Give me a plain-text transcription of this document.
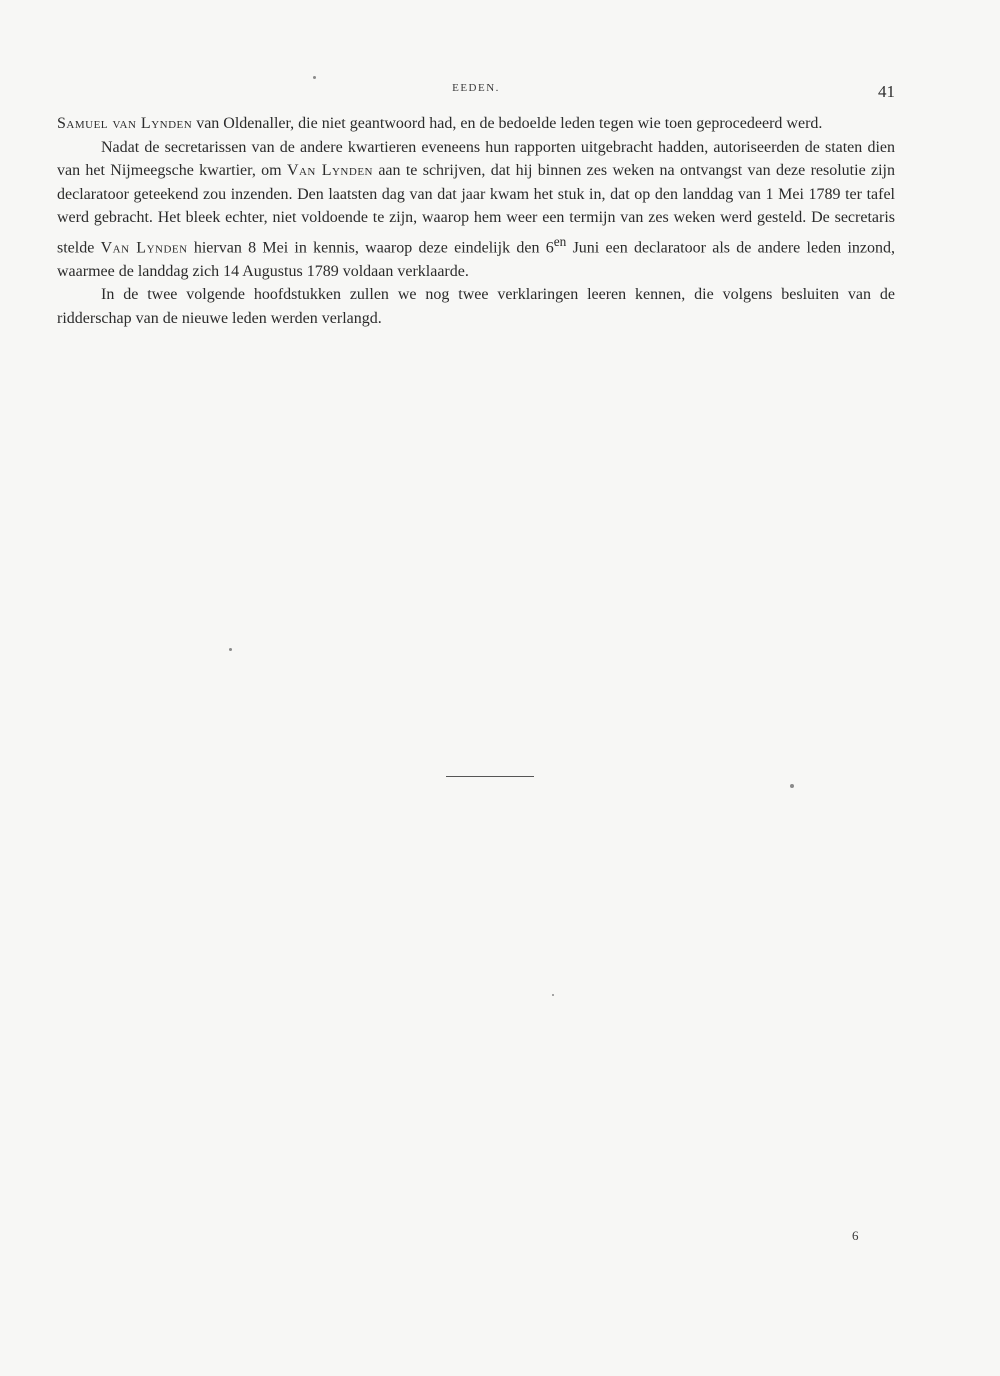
EEDEN.	41

Samuel van Lynden van Oldenaller, die niet geantwoord had, en de bedoelde leden tegen wie toen geprocedeerd werd.

Nadat de secretarissen van de andere kwartieren eveneens hun rapporten uitgebracht hadden, autoriseerden de staten dien van het Nijmeegsche kwartier, om Van Lynden aan te schrijven, dat hij binnen zes weken na ontvangst van deze resolutie zijn declaratoor geteekend zou inzenden. Den laatsten dag van dat jaar kwam het stuk in, dat op den landdag van 1 Mei 1789 ter tafel werd gebracht. Het bleek echter, niet voldoende te zijn, waarop hem weer een termijn van zes weken werd gesteld. De secretaris stelde Van Lynden hiervan 8 Mei in kennis, waarop deze eindelijk den $6^{en}$ Juni een declaratoor als de andere leden inzond, waarmee de landdag zich 14 Augustus 1789 voldaan verklaarde.

In de twee volgende hoofdstukken zullen we nog twee verklaringen leeren kennen, die volgens besluiten van de ridderschap van de nieuwe leden werden verlangd.

6
